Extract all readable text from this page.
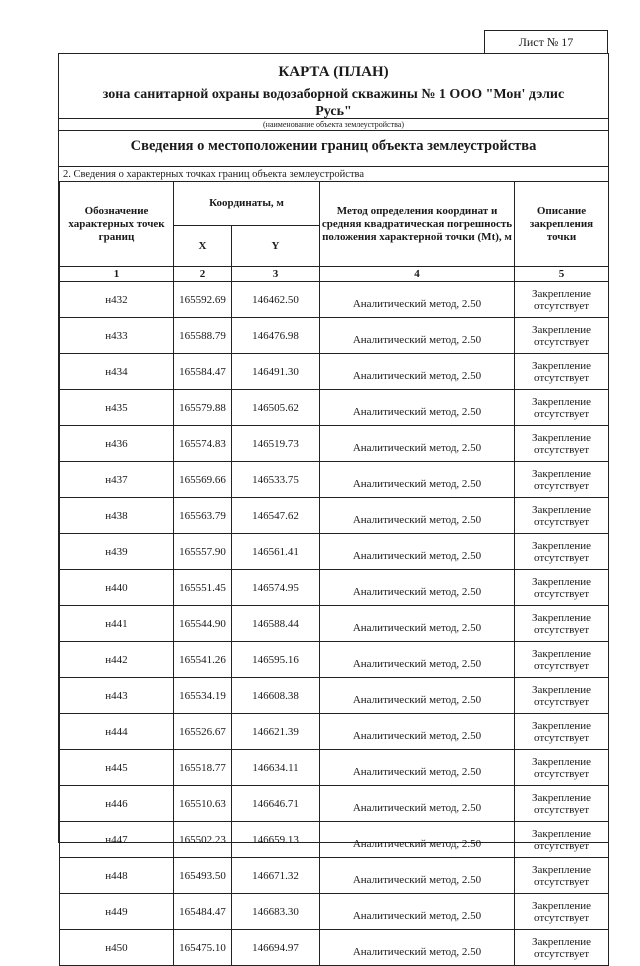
Лист № 17
КАРТА (ПЛАН)
зона санитарной охраны водозаборной скважины № 1 ООО "Мон' дэлис Русь"
(наименование объекта землеустройства)
Сведения о местоположении границ объекта землеустройства
2. Сведения о характерных точках границ объекта землеустройства
Обозначение характерных точек границ	Координаты, м		Метод определения координат и средняя квадратическая погрешность положения характерной точки (Mt), м	Описание закрепления точки
	X	Y		
1	2	3	4	5
н432	165592.69	146462.50	Аналитический метод, 2.50	Закрепление отсутствует
н433	165588.79	146476.98	Аналитический метод, 2.50	Закрепление отсутствует
н434	165584.47	146491.30	Аналитический метод, 2.50	Закрепление отсутствует
н435	165579.88	146505.62	Аналитический метод, 2.50	Закрепление отсутствует
н436	165574.83	146519.73	Аналитический метод, 2.50	Закрепление отсутствует
н437	165569.66	146533.75	Аналитический метод, 2.50	Закрепление отсутствует
н438	165563.79	146547.62	Аналитический метод, 2.50	Закрепление отсутствует
н439	165557.90	146561.41	Аналитический метод, 2.50	Закрепление отсутствует
н440	165551.45	146574.95	Аналитический метод, 2.50	Закрепление отсутствует
н441	165544.90	146588.44	Аналитический метод, 2.50	Закрепление отсутствует
н442	165541.26	146595.16	Аналитический метод, 2.50	Закрепление отсутствует
н443	165534.19	146608.38	Аналитический метод, 2.50	Закрепление отсутствует
н444	165526.67	146621.39	Аналитический метод, 2.50	Закрепление отсутствует
н445	165518.77	146634.11	Аналитический метод, 2.50	Закрепление отсутствует
н446	165510.63	146646.71	Аналитический метод, 2.50	Закрепление отсутствует
н447	165502.23	146659.13	Аналитический метод, 2.50	Закрепление отсутствует
н448	165493.50	146671.32	Аналитический метод, 2.50	Закрепление отсутствует
н449	165484.47	146683.30	Аналитический метод, 2.50	Закрепление отсутствует
н450	165475.10	146694.97	Аналитический метод, 2.50	Закрепление отсутствует
